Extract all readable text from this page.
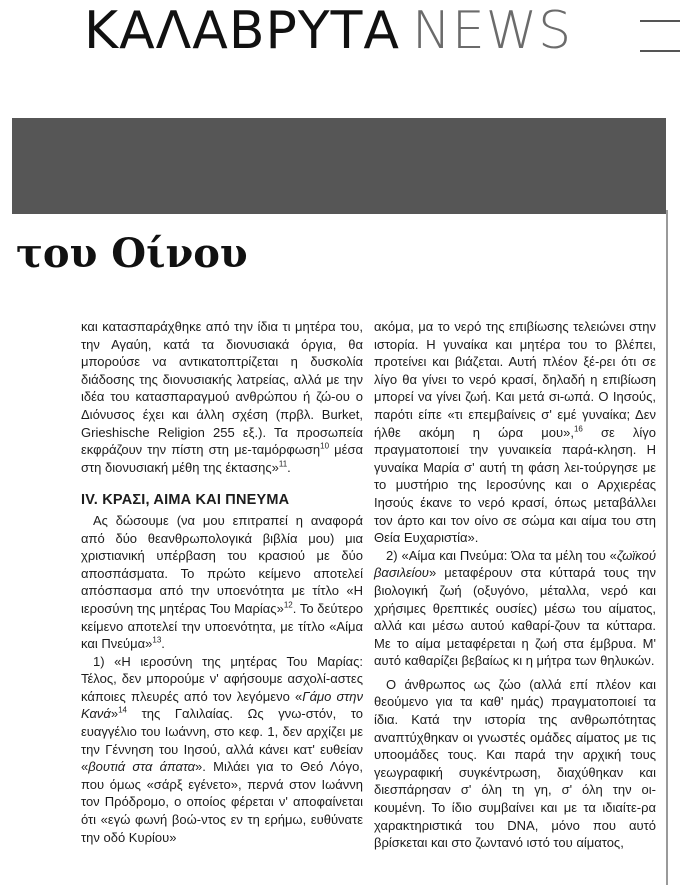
ΚΑΛΑΒΡΥΤΑ NEWS
του Οίνου

και κατασπαράχθηκε από την ίδια τι μητέρα του, την Αγαύη, κατά τα διονυσιακά όργια, θα μπορούσε να αντικατοπτρίζεται η δυσκολία διάδοσης της διονυσιακής λατρείας, αλλά με την ιδέα του κατασπαραγμού ανθρώπου ή ζώ-ου ο Διόνυσος έχει και άλλη σχέση (πρβλ. Burket, Grieshische Religion 255 εξ.). Τα προσωπεία εκφράζουν την πίστη στη με-ταμόρφωση$^{10}$ μέσα στη διονυσιακή μέθη της έκτασης»$^{11}$.

IV. ΚΡΑΣΙ, ΑΙΜΑ ΚΑΙ ΠΝΕΥΜΑ

Ας δώσουμε (να μου επιτραπεί η αναφορά από δύο θεανθρωπολογικά βιβλία μου) μια χριστιανική υπέρβαση του κρασιού με δύο αποσπάσματα. Το πρώτο κείμενο αποτελεί απόσπασμα από την υποενότητα με τίτλο «Η ιεροσύνη της μητέρας Του Μαρίας»$^{12}$. Το δεύτερο κείμενο αποτελεί την υποενότητα, με τίτλο «Αίμα και Πνεύμα»$^{13}$.

1) «Η ιεροσύνη της μητέρας Του Μαρίας: Τέλος, δεν μπορούμε ν' αφήσουμε ασχολί-αστες κάποιες πλευρές από τον λεγόμενο «Γάμο στην Κανά»$^{14}$ της Γαλιλαίας. Ως γνω-στόν, το ευαγγέλιο του Ιωάννη, στο κεφ. 1, δεν αρχίζει με την Γέννηση του Ιησού, αλλά κάνει κατ' ευθείαν «βουτιά στα άπατα». Μιλάει για το Θεό Λόγο, που όμως «σάρξ εγένετο», περνά στον Ιωάννη τον Πρόδρομο, ο οποίος φέρεται ν' αποφαίνεται ότι «εγώ φωνή βοώ-ντος εν τη ερήμω, ευθύνατε την οδό Κυρίου»

ακόμα, μα το νερό της επιβίωσης τελειώνει στην ιστορία. Η γυναίκα και μητέρα του το βλέπει, προτείνει και βιάζεται. Αυτή πλέον ξέ-ρει ότι σε λίγο θα γίνει το νερό κρασί, δηλαδή η επιβίωση μπορεί να γίνει ζωή. Και μετά σι-ωπά. Ο Ιησούς, παρότι είπε «τι επεμβαίνεις σ' εμέ γυναίκα; Δεν ήλθε ακόμη η ώρα μου»,$^{16}$ σε λίγο πραγματοποιεί την γυναικεία παρά-κληση. Η γυναίκα Μαρία σ' αυτή τη φάση λει-τούργησε με το μυστήριο της Ιεροσύνης και ο Αρχιερέας Ιησούς έκανε το νερό κρασί, όπως μεταβάλλει τον άρτο και τον οίνο σε σώμα και αίμα του στη Θεία Ευχαριστία».

2) «Αίμα και Πνεύμα: Όλα τα μέλη του «ζωϊκού βασιλείου» μεταφέρουν στα κύτταρά τους την βιολογική ζωή (οξυγόνο, μέταλλα, νερό και χρήσιμες θρεπτικές ουσίες) μέσω του αίματος, αλλά και μέσω αυτού καθαρί-ζουν τα κύτταρα. Με το αίμα μεταφέρεται η ζωή στα έμβρυα. Μ' αυτό καθαρίζει βεβαίως κι η μήτρα των θηλυκών.

Ο άνθρωπος ως ζώο (αλλά επί πλέον και θεούμενο για τα καθ' ημάς) πραγματοποιεί τα ίδια. Κατά την ιστορία της ανθρωπότητας αναπτύχθηκαν οι γνωστές ομάδες αίματος με τις υποομάδες τους. Και παρά την αρχική τους γεωγραφική συγκέντρωση, διαχύθηκαν και διεσπάρησαν σ' όλη τη γη, σ' όλη την οι-κουμένη. Το ίδιο συμβαίνει και με τα ιδιαίτε-ρα χαρακτηριστικά του DNA, μόνο που αυτό βρίσκεται και στο ζωντανό ιστό του αίματος,
